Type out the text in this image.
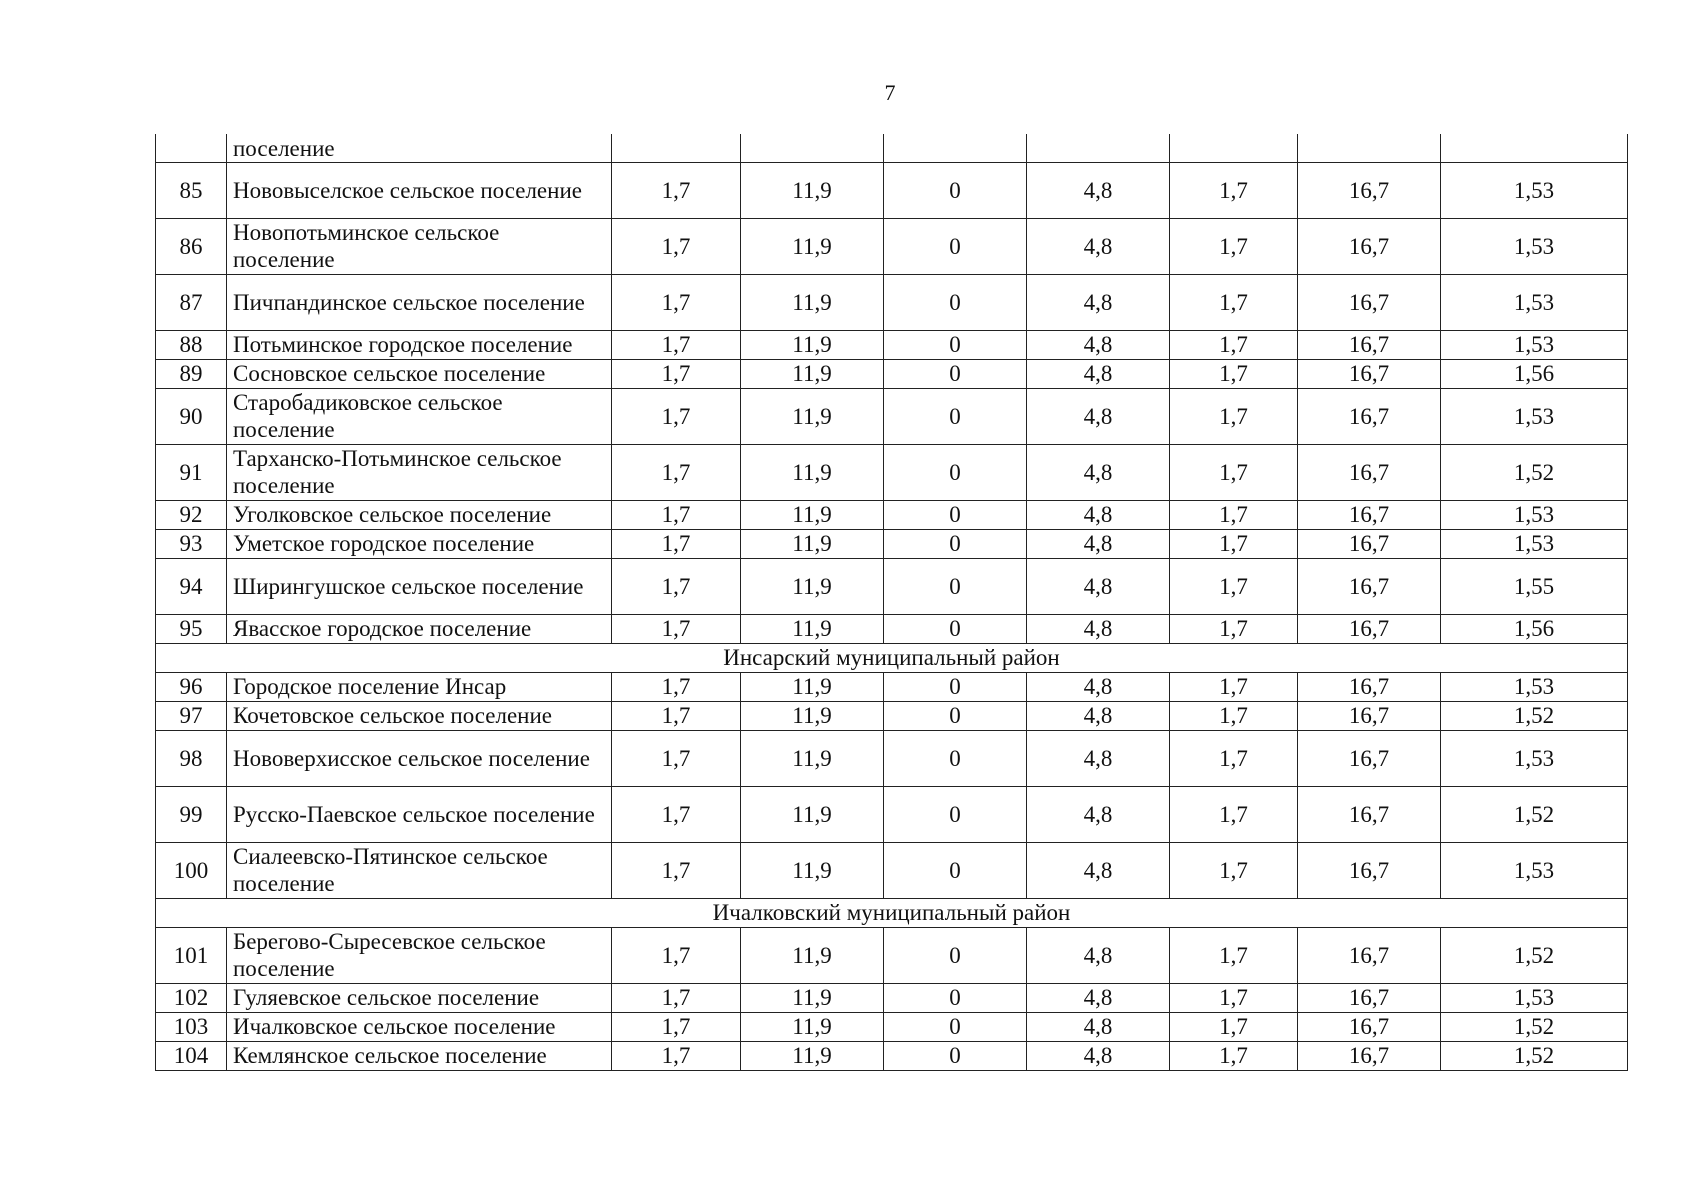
7
	поселение							
85	Нововыселское сельское поселение	1,7	11,9	0	4,8	1,7	16,7	1,53
86	Новопотьминское сельское поселение	1,7	11,9	0	4,8	1,7	16,7	1,53
87	Пичпандинское сельское поселение	1,7	11,9	0	4,8	1,7	16,7	1,53
88	Потьминское городское поселение	1,7	11,9	0	4,8	1,7	16,7	1,53
89	Сосновское сельское поселение	1,7	11,9	0	4,8	1,7	16,7	1,56
90	Старобадиковское сельское поселение	1,7	11,9	0	4,8	1,7	16,7	1,53
91	Тарханско-Потьминское сельское поселение	1,7	11,9	0	4,8	1,7	16,7	1,52
92	Уголковское сельское поселение	1,7	11,9	0	4,8	1,7	16,7	1,53
93	Уметское городское поселение	1,7	11,9	0	4,8	1,7	16,7	1,53
94	Ширингушское сельское поселение	1,7	11,9	0	4,8	1,7	16,7	1,55
95	Явасское городское поселение	1,7	11,9	0	4,8	1,7	16,7	1,56
Инсарский муниципальный район								
96	Городское поселение Инсар	1,7	11,9	0	4,8	1,7	16,7	1,53
97	Кочетовское сельское поселение	1,7	11,9	0	4,8	1,7	16,7	1,52
98	Нововерхисское сельское поселение	1,7	11,9	0	4,8	1,7	16,7	1,53
99	Русско-Паевское сельское поселение	1,7	11,9	0	4,8	1,7	16,7	1,52
100	Сиалеевско-Пятинское сельское поселение	1,7	11,9	0	4,8	1,7	16,7	1,53
Ичалковский муниципальный район								
101	Берегово-Сыресевское сельское поселение	1,7	11,9	0	4,8	1,7	16,7	1,52
102	Гуляевское сельское поселение	1,7	11,9	0	4,8	1,7	16,7	1,53
103	Ичалковское сельское поселение	1,7	11,9	0	4,8	1,7	16,7	1,52
104	Кемлянское сельское поселение	1,7	11,9	0	4,8	1,7	16,7	1,52
